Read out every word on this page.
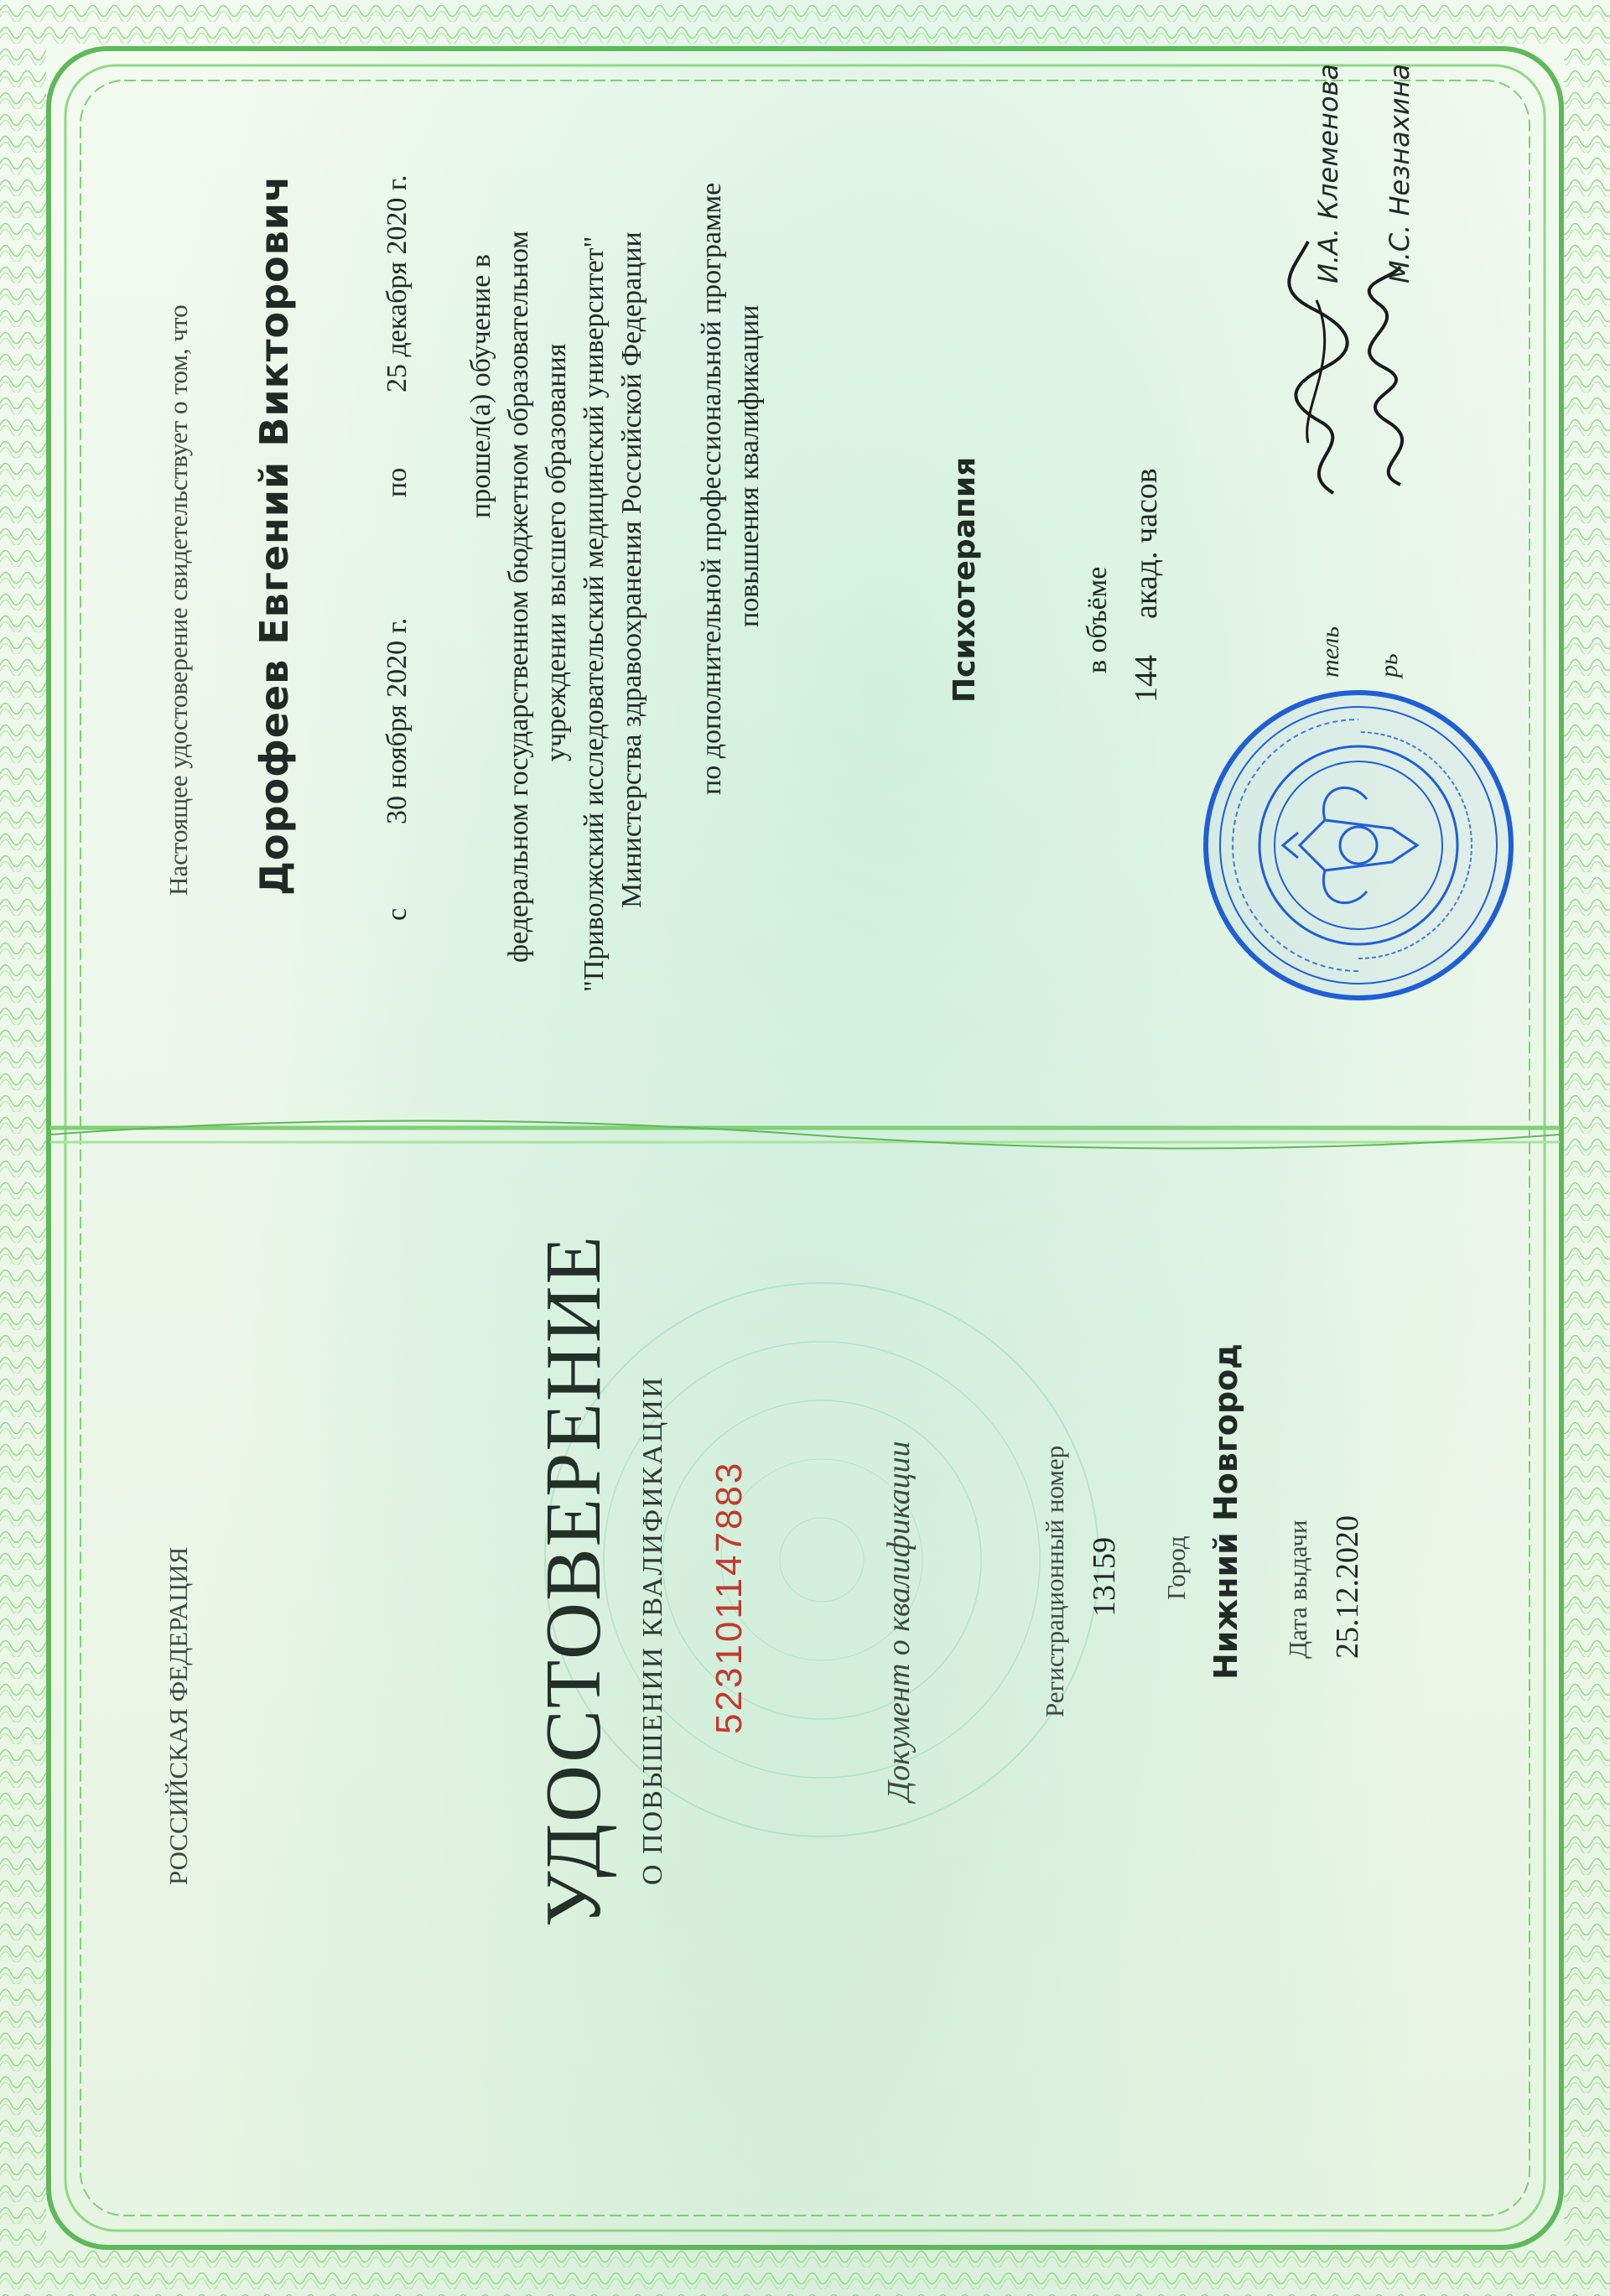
РОССИЙСКАЯ ФЕДЕРАЦИЯ	УДОСТОВЕРЕНИЕ О ПОВЫШЕНИИ КВАЛИФИКАЦИИ 523101147883	Документ о квалификации	Регистрационный номер 13159 Город Нижний Новгород Дата выдачи 25.12.2020
Настоящее удостоверение свидетельствует о том, что Дорофеев Евгений Викторович
с
30 ноября 2020 г.
по
25 декабря 2020 г. прошел(а) обучение в федеральном государственном бюджетном образовательном учреждении высшего образования "Приволжский исследовательский медицинский университет" Министерства здравоохранения Российской Федерации по дополнительной профессиональной программе повышения квалификации	Психотерапия	в объёме
144
акад. часов
тель рь
И.А. Клеменова М.С. Незнахина
